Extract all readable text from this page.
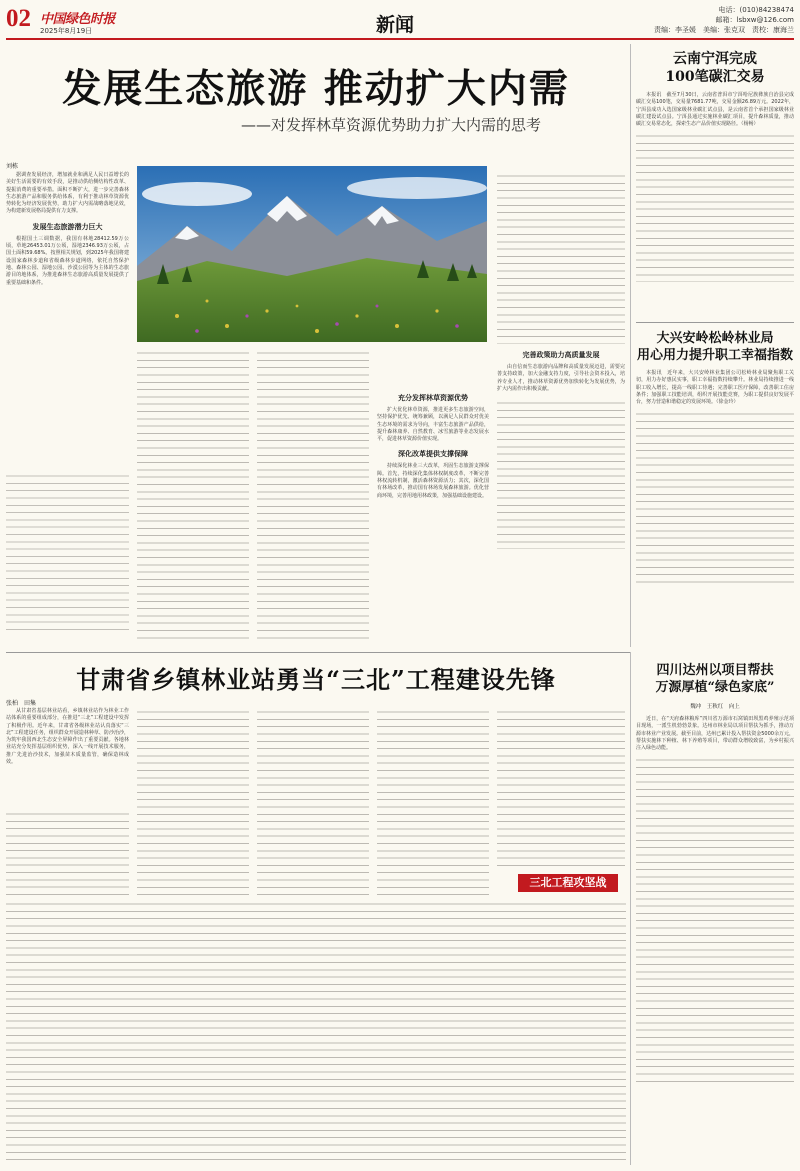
02 中国绿色时报
2025年8月19日	新闻
电话：(010)84238474
邮箱：lsbxw@126.com
责编：李圣媛　美编：张克双　责校：康海兰
发展生态旅游 推动扩大内需
——对发挥林草资源优势助力扩大内需的思考
刘栋

据调查发展经济，增加就业和满足人民日益增长的美好生活需要的有效手段，是推动供给侧结构性改革、提振消费的重要举措。面积不断扩大，进一步完善森林生态旅游产品和服务供给体系，有利于推动林草资源优势转化为经济发展优势，助力扩大内需战略落地见效，为构建新发展格局提供有力支撑。

发展生态旅游潜力巨大

根据国土三调数据，我国有林地28412.59万公顷，草地26453.01万公顷，湿地2346.93万公顷，占国土面积59.68%。按照相关规划，到2025年我国将建设国家森林步道和省级森林步道网络，依托自然保护地、森林公园、湿地公园、沙漠公园等为主体的生态旅游目的地体系，为推进森林生态旅游高质量发展提供了重要基础和条件。

充分发挥林草资源优势

扩大优化林草资源，推进更多生态旅游空间，坚持保护优先、统筹兼顾，以满足人民群众对优美生态环境的需求为导向，丰富生态旅游产品供给，提升森林康养、自然教育、冰雪旅游等业态发展水平，促进林草资源价值实现。

深化改革提供支撑保障

持续深化林业三大改革，巩固生态旅游支撑保障。首先，持续深化集体林权制度改革，不断完善林权流转机制，激活森林资源活力；其次，深化国有林场改革，推动国有林场发展森林旅游。优化营商环境，完善用地用林政策，加强基础设施建设。

完善政策助力高质量发展

由自信而生态旅游向品牌和高质量发展迈进，需要完善支持政策，加大金融支持力度，引导社会资本投入，培养专业人才，推动林草资源优势加快转化为发展优势，为扩大内需作出积极贡献。

云南宁洱完成
100笔碳汇交易

本报讯　截至7月30日，云南省普洱市宁洱哈尼族彝族自治县完成碳汇交易100笔，交易量7681.77吨，交易金额26.89万元。2022年，宁洱县成功入选国家级林业碳汇试点县，是云南省首个承担国家级林业碳汇建设试点县。宁洱县通过实施林业碳汇项目，提升森林质量，推动碳汇交易常态化，探索生态产品价值实现路径。（杨畅）

大兴安岭松岭林业局
用心用力提升职工幸福指数

本报讯　近年来，大兴安岭林业集团公司松岭林业局聚焦职工关切，用力办好惠民实事，职工幸福指数持续攀升。林业局持续推进一线职工收入增长，提高一线职工待遇；完善职工医疗保障，改善职工住房条件；加强职工技能培训，组织开展技能竞赛，为职工提供良好发展平台，努力营造和谐稳定的发展环境。（徐金玲）

甘肃省乡镇林业站勇当“三北”工程建设先锋
张柏　田集

从甘肃省基层林业站看，乡镇林业站作为林业工作站体系的重要组成部分，在推进“三北”工程建设中发挥了积极作用。近年来，甘肃省各级林业站认真落实“三北”工程建设任务，组织群众开展造林种草、防沙治沙，为筑牢我国西北生态安全屏障作出了重要贡献。各地林业站充分发挥基层组织优势，深入一线开展技术服务，推广先进治沙技术，加强苗木质量监管，确保造林成效。

三北工程攻坚战
四川达州以项目帮扶
万源厚植“绿色家底”
魏冲　王秋红　向上

近日，在“天府森林粮库”四川省万源市石窝镇田坝黑鸡养殖示范项目现场，一派生机勃勃景象。达州市林业局以项目帮扶为抓手，推动万源市林业产业发展。截至目前，达州已累计投入帮扶资金5000余万元，帮扶实施林下种植、林下养殖等项目，带动群众增收致富，为乡村振兴注入绿色动能。
